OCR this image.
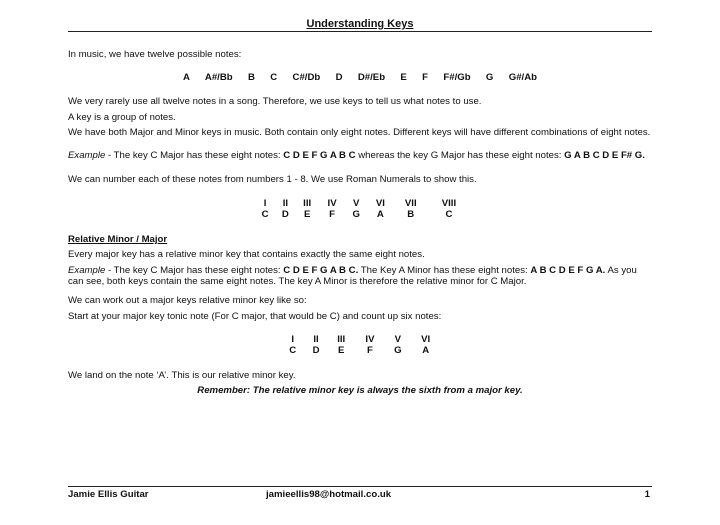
Understanding Keys

In music, we have twelve possible notes:

A A#/Bb B C C#/Db D D#/Eb E F F#/Gb G G#/Ab

We very rarely use all twelve notes in a song. Therefore, we use keys to tell us what notes to use.

A key is a group of notes.

We have both Major and Minor keys in music. Both contain only eight notes. Different keys will have different combinations of eight notes.

Example - The key C Major has these eight notes: C D E F G A B C whereas the key G Major has these eight notes: G A B C D E F# G.

We can number each of these notes from numbers 1 - 8. We use Roman Numerals to show this.

I	II	III	IV	V	VI	VII	VIII
C	D	E	F	G	A	B	C

Relative Minor / Major

Every major key has a relative minor key that contains exactly the same eight notes.

Example - The key C Major has these eight notes: C D E F G A B C. The Key A Minor has these eight notes: A B C D E F G A. As you can see, both keys contain the same eight notes. The key A Minor is therefore the relative minor for C Major.

We can work out a major keys relative minor key like so:

Start at your major key tonic note (For C major, that would be C) and count up six notes:

I	II	III	IV	V	VI
C	D	E	F	G	A

We land on the note ‘A’. This is our relative minor key.

Remember: The relative minor key is always the sixth from a major key.

Jamie Ellis Guitar	jamieellis98@hotmail.co.uk	1
